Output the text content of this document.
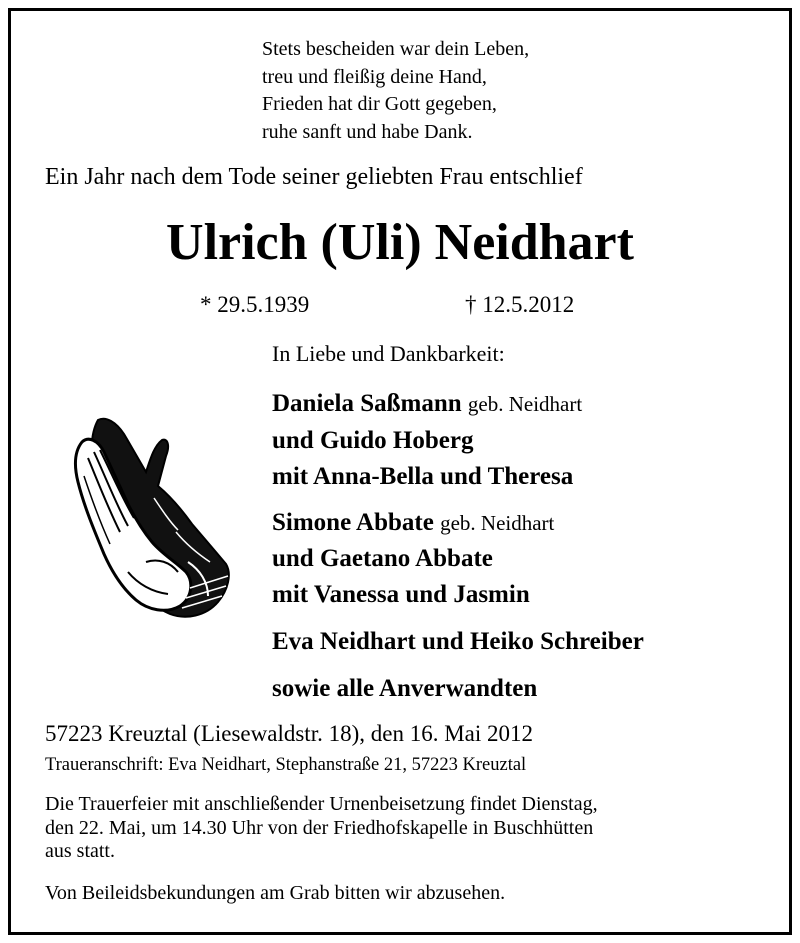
Stets bescheiden war dein Leben,
treu und fleißig deine Hand,
Frieden hat dir Gott gegeben,
ruhe sanft und habe Dank.
Ein Jahr nach dem Tode seiner geliebten Frau entschlief
Ulrich (Uli) Neidhart
* 29.5.1939	† 12.5.2012
In Liebe und Dankbarkeit:
Daniela Saßmann geb. Neidhart
und Guido Hoberg
mit Anna-Bella und Theresa
Simone Abbate geb. Neidhart
und Gaetano Abbate
mit Vanessa und Jasmin
Eva Neidhart und Heiko Schreiber
sowie alle Anverwandten
57223 Kreuztal (Liesewaldstr. 18), den 16. Mai 2012
Traueranschrift: Eva Neidhart, Stephanstraße 21, 57223 Kreuztal
Die Trauerfeier mit anschließender Urnenbeisetzung findet Dienstag,
den 22. Mai, um 14.30 Uhr von der Friedhofskapelle in Buschhütten
aus statt.
Von Beileidsbekundungen am Grab bitten wir abzusehen.
